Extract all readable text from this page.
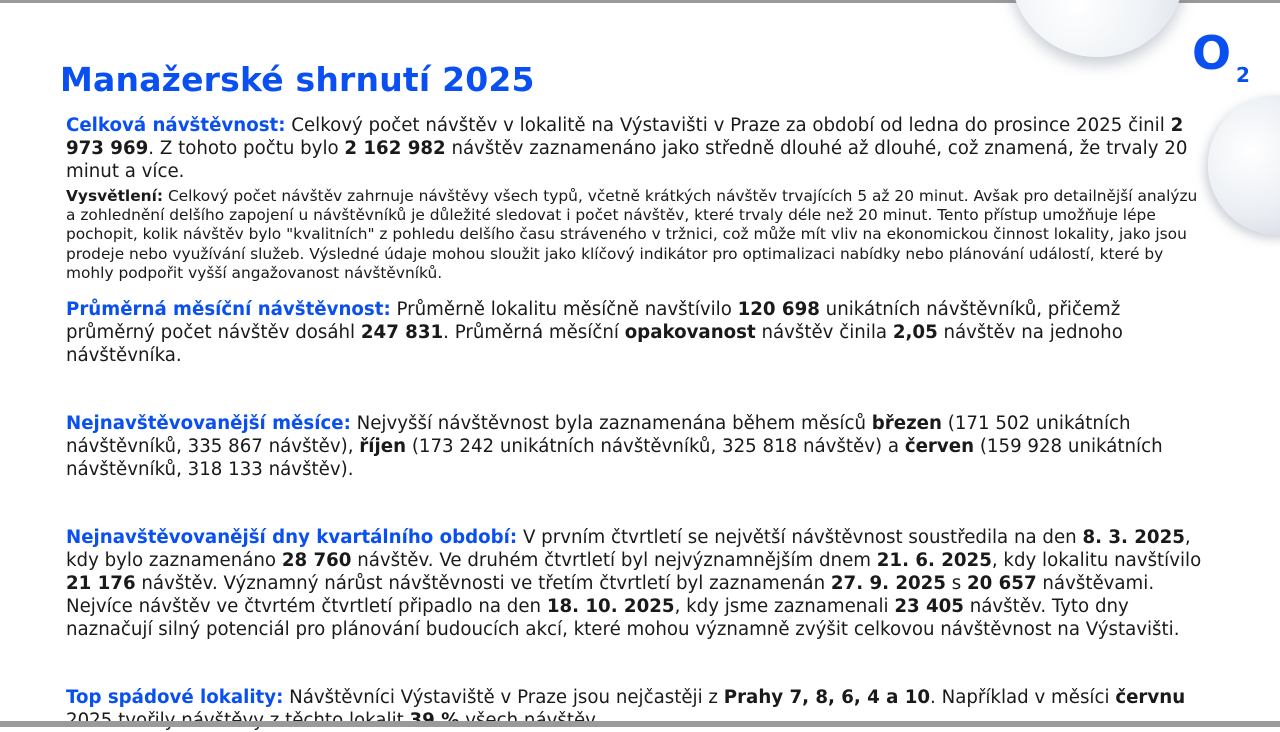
O 2
Manažerské shrnutí 2025

Celková návštěvnost: Celkový počet návštěv v lokalitě na Výstavišti v Praze za období od ledna do prosince 2025 činil 2 973 969. Z tohoto počtu bylo 2 162 982 návštěv zaznamenáno jako středně dlouhé až dlouhé, což znamená, že trvaly 20 minut a více.

Vysvětlení: Celkový počet návštěv zahrnuje návštěvy všech typů, včetně krátkých návštěv trvajících 5 až 20 minut. Avšak pro detailnější analýzu a zohlednění delšího zapojení u návštěvníků je důležité sledovat i počet návštěv, které trvaly déle než 20 minut. Tento přístup umožňuje lépe pochopit, kolik návštěv bylo "kvalitních" z pohledu delšího času stráveného v tržnici, což může mít vliv na ekonomickou činnost lokality, jako jsou prodeje nebo využívání služeb. Výsledné údaje mohou sloužit jako klíčový indikátor pro optimalizaci nabídky nebo plánování událostí, které by mohly podpořit vyšší angažovanost návštěvníků.

Průměrná měsíční návštěvnost: Průměrně lokalitu měsíčně navštívilo 120 698 unikátních návštěvníků, přičemž průměrný počet návštěv dosáhl 247 831. Průměrná měsíční opakovanost návštěv činila 2,05 návštěv na jednoho návštěvníka.

Nejnavštěvovanější měsíce: Nejvyšší návštěvnost byla zaznamenána během měsíců březen (171 502 unikátních návštěvníků, 335 867 návštěv), říjen (173 242 unikátních návštěvníků, 325 818 návštěv) a červen (159 928 unikátních návštěvníků, 318 133 návštěv).

Nejnavštěvovanější dny kvartálního období: V prvním čtvrtletí se největší návštěvnost soustředila na den 8. 3. 2025, kdy bylo zaznamenáno 28 760 návštěv. Ve druhém čtvrtletí byl nejvýznamnějším dnem 21. 6. 2025, kdy lokalitu navštívilo 21 176 návštěv. Významný nárůst návštěvnosti ve třetím čtvrtletí byl zaznamenán 27. 9. 2025 s 20 657 návštěvami. Nejvíce návštěv ve čtvrtém čtvrtletí připadlo na den 18. 10. 2025, kdy jsme zaznamenali 23 405 návštěv. Tyto dny naznačují silný potenciál pro plánování budoucích akcí, které mohou významně zvýšit celkovou návštěvnost na Výstavišti.

Top spádové lokality: Návštěvníci Výstaviště v Praze jsou nejčastěji z Prahy 7, 8, 6, 4 a 10. Například v měsíci červnu
